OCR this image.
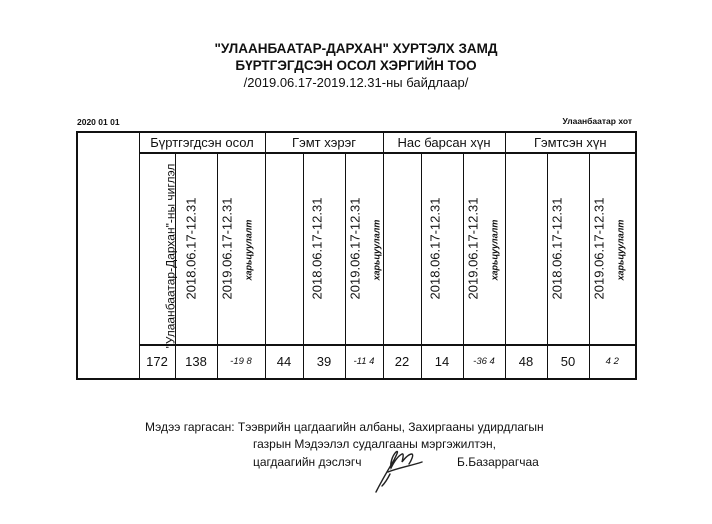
"УЛААНБААТАР-ДАРХАН" ХУРТЭЛХ ЗАМД
БҮРТГЭГДСЭН ОСОЛ ХЭРГИЙН ТОО
/2019.06.17-2019.12.31-ны байдлаар/
2020 01 01	Улаанбаатар хот
"Улаанбаатар-Дархан"-ны чиглэл	Бүртгэгдсэн осол			Гэмт хэрэг			Нас барсан хүн			Гэмтсэн хүн		
	2018.06.17-12.31	2019.06.17-12.31	харьцуулалт	2018.06.17-12.31	2019.06.17-12.31	харьцуулалт	2018.06.17-12.31	2019.06.17-12.31	харьцуулалт	2018.06.17-12.31	2019.06.17-12.31	харьцуулалт
	172	138	-19 8	44	39	-11 4	22	14	-36 4	48	50	4 2
Мэдээ гаргасан: Тээврийн цагдаагийн албаны, Захиргааны удирдлагын
газрын Мэдээлэл судалгааны мэргэжилтэн,
цагдаагийн дэслэгч	Б.Базаррагчаа
